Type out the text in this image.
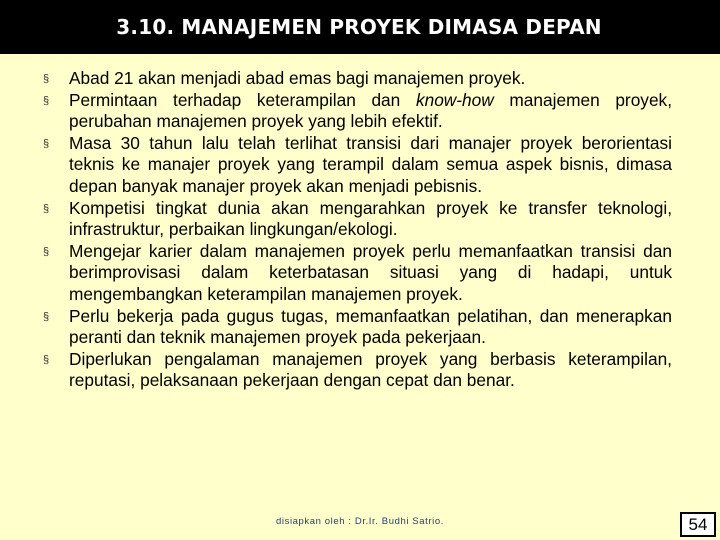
3.10. MANAJEMEN PROYEK DIMASA DEPAN
§	Abad 21 akan menjadi abad emas bagi manajemen proyek.
§	Permintaan terhadap keterampilan dan know-how manajemen proyek, perubahan manajemen proyek yang lebih efektif.
§	Masa 30 tahun lalu telah terlihat transisi dari manajer proyek berorientasi teknis ke manajer proyek yang terampil dalam semua aspek bisnis, dimasa depan banyak manajer proyek akan menjadi pebisnis.
§	Kompetisi tingkat dunia akan mengarahkan proyek ke transfer teknologi, infrastruktur, perbaikan lingkungan/ekologi.
§	Mengejar karier dalam manajemen proyek perlu memanfaatkan transisi dan berimprovisasi dalam keterbatasan situasi yang di hadapi, untuk mengembangkan keterampilan manajemen proyek.
§	Perlu bekerja pada gugus tugas, memanfaatkan pelatihan, dan menerapkan peranti dan teknik manajemen proyek pada pekerjaan.
§	Diperlukan pengalaman manajemen proyek yang berbasis keterampilan, reputasi, pelaksanaan pekerjaan dengan cepat dan benar.
disiapkan oleh : Dr.Ir. Budhi Satrio.	54
